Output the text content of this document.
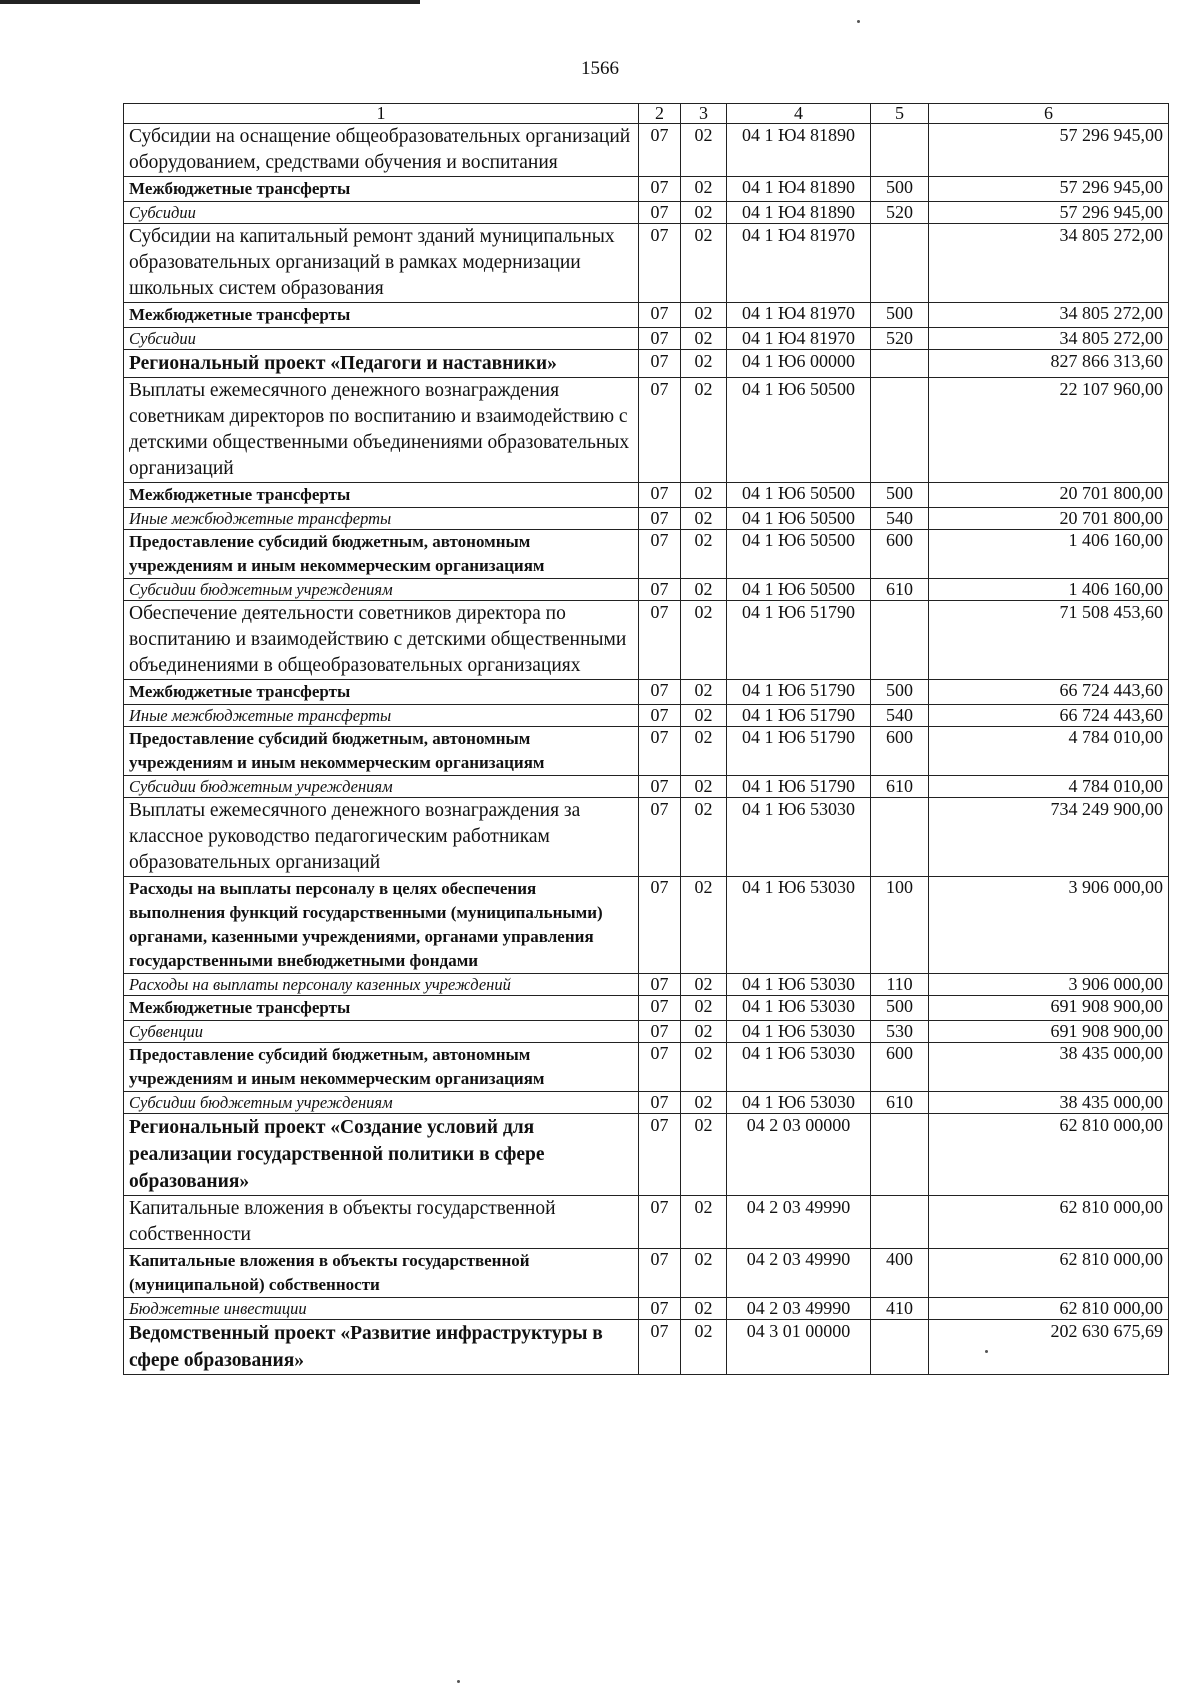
1566
1	2	3	4	5	6
Субсидии на оснащение общеобразовательных организаций оборудованием, средствами обучения и воспитания	07	02	04 1 Ю4 81890		57 296 945,00
Межбюджетные трансферты	07	02	04 1 Ю4 81890	500	57 296 945,00
Субсидии	07	02	04 1 Ю4 81890	520	57 296 945,00
Субсидии на капитальный ремонт зданий муниципальных образовательных организаций в рамках модернизации школьных систем образования	07	02	04 1 Ю4 81970		34 805 272,00
Межбюджетные трансферты	07	02	04 1 Ю4 81970	500	34 805 272,00
Субсидии	07	02	04 1 Ю4 81970	520	34 805 272,00
Региональный проект «Педагоги и наставники»	07	02	04 1 Ю6 00000		827 866 313,60
Выплаты ежемесячного денежного вознаграждения советникам директоров по воспитанию и взаимодействию с детскими общественными объединениями образовательных организаций	07	02	04 1 Ю6 50500		22 107 960,00
Межбюджетные трансферты	07	02	04 1 Ю6 50500	500	20 701 800,00
Иные межбюджетные трансферты	07	02	04 1 Ю6 50500	540	20 701 800,00
Предоставление субсидий бюджетным, автономным учреждениям и иным некоммерческим организациям	07	02	04 1 Ю6 50500	600	1 406 160,00
Субсидии бюджетным учреждениям	07	02	04 1 Ю6 50500	610	1 406 160,00
Обеспечение деятельности советников директора по воспитанию и взаимодействию с детскими общественными объединениями в общеобразовательных организациях	07	02	04 1 Ю6 51790		71 508 453,60
Межбюджетные трансферты	07	02	04 1 Ю6 51790	500	66 724 443,60
Иные межбюджетные трансферты	07	02	04 1 Ю6 51790	540	66 724 443,60
Предоставление субсидий бюджетным, автономным учреждениям и иным некоммерческим организациям	07	02	04 1 Ю6 51790	600	4 784 010,00
Субсидии бюджетным учреждениям	07	02	04 1 Ю6 51790	610	4 784 010,00
Выплаты ежемесячного денежного вознаграждения за классное руководство педагогическим работникам образовательных организаций	07	02	04 1 Ю6 53030		734 249 900,00
Расходы на выплаты персоналу в целях обеспечения выполнения функций государственными (муниципальными) органами, казенными учреждениями, органами управления государственными внебюджетными фондами	07	02	04 1 Ю6 53030	100	3 906 000,00
Расходы на выплаты персоналу казенных учреждений	07	02	04 1 Ю6 53030	110	3 906 000,00
Межбюджетные трансферты	07	02	04 1 Ю6 53030	500	691 908 900,00
Субвенции	07	02	04 1 Ю6 53030	530	691 908 900,00
Предоставление субсидий бюджетным, автономным учреждениям и иным некоммерческим организациям	07	02	04 1 Ю6 53030	600	38 435 000,00
Субсидии бюджетным учреждениям	07	02	04 1 Ю6 53030	610	38 435 000,00
Региональный проект «Создание условий для реализации государственной политики в сфере образования»	07	02	04 2 03 00000		62 810 000,00
Капитальные вложения в объекты государственной собственности	07	02	04 2 03 49990		62 810 000,00
Капитальные вложения в объекты государственной (муниципальной) собственности	07	02	04 2 03 49990	400	62 810 000,00
Бюджетные инвестиции	07	02	04 2 03 49990	410	62 810 000,00
Ведомственный проект «Развитие инфраструктуры в сфере образования»	07	02	04 3 01 00000		202 630 675,69
